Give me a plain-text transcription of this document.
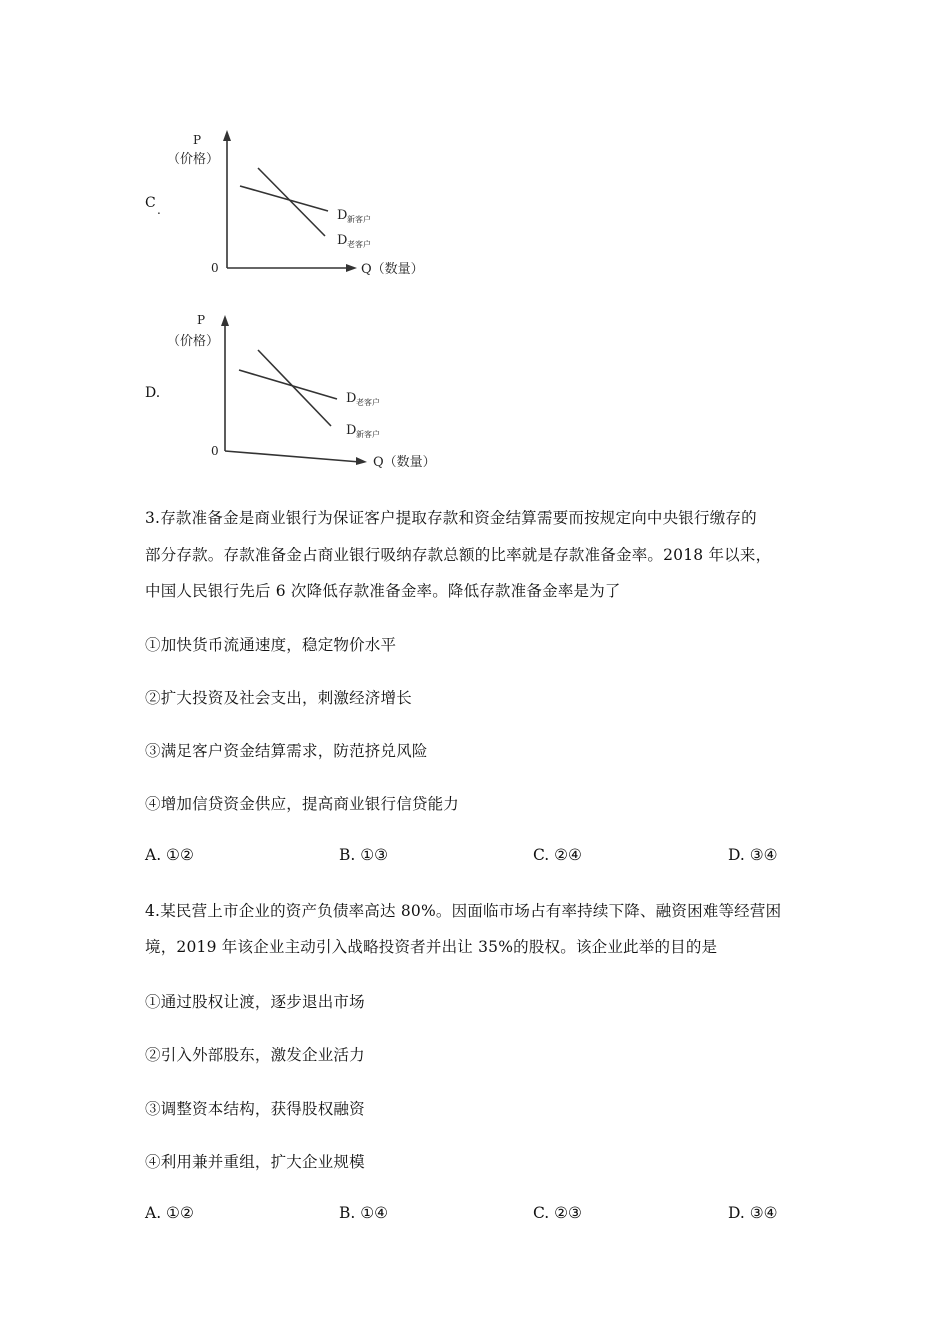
C .
P
（价格）
0	Q（数量）
D 新客户
D 老客户
D.
P
（价格）
0
Q（数量）
D 老客户
D 新客户
3.存款准备金是商业银行为保证客户提取存款和资金结算需要而按规定向中央银行缴存的
部分存款。存款准备金占商业银行吸纳存款总额的比率就是存款准备金率。2018 年以来，
中国人民银行先后 6 次降低存款准备金率。降低存款准备金率是为了
①加快货币流通速度，稳定物价水平
②扩大投资及社会支出，刺激经济增长
③满足客户资金结算需求，防范挤兑风险
④增加信贷资金供应，提高商业银行信贷能力
A. ①②	B. ①③	C. ②④	D. ③④
4.某民营上市企业的资产负债率高达 80%。因面临市场占有率持续下降、融资困难等经营困
境，2019 年该企业主动引入战略投资者并出让 35%的股权。该企业此举的目的是
①通过股权让渡，逐步退出市场
②引入外部股东，激发企业活力
③调整资本结构，获得股权融资
④利用兼并重组，扩大企业规模
A. ①②	B. ①④	C. ②③	D. ③④
